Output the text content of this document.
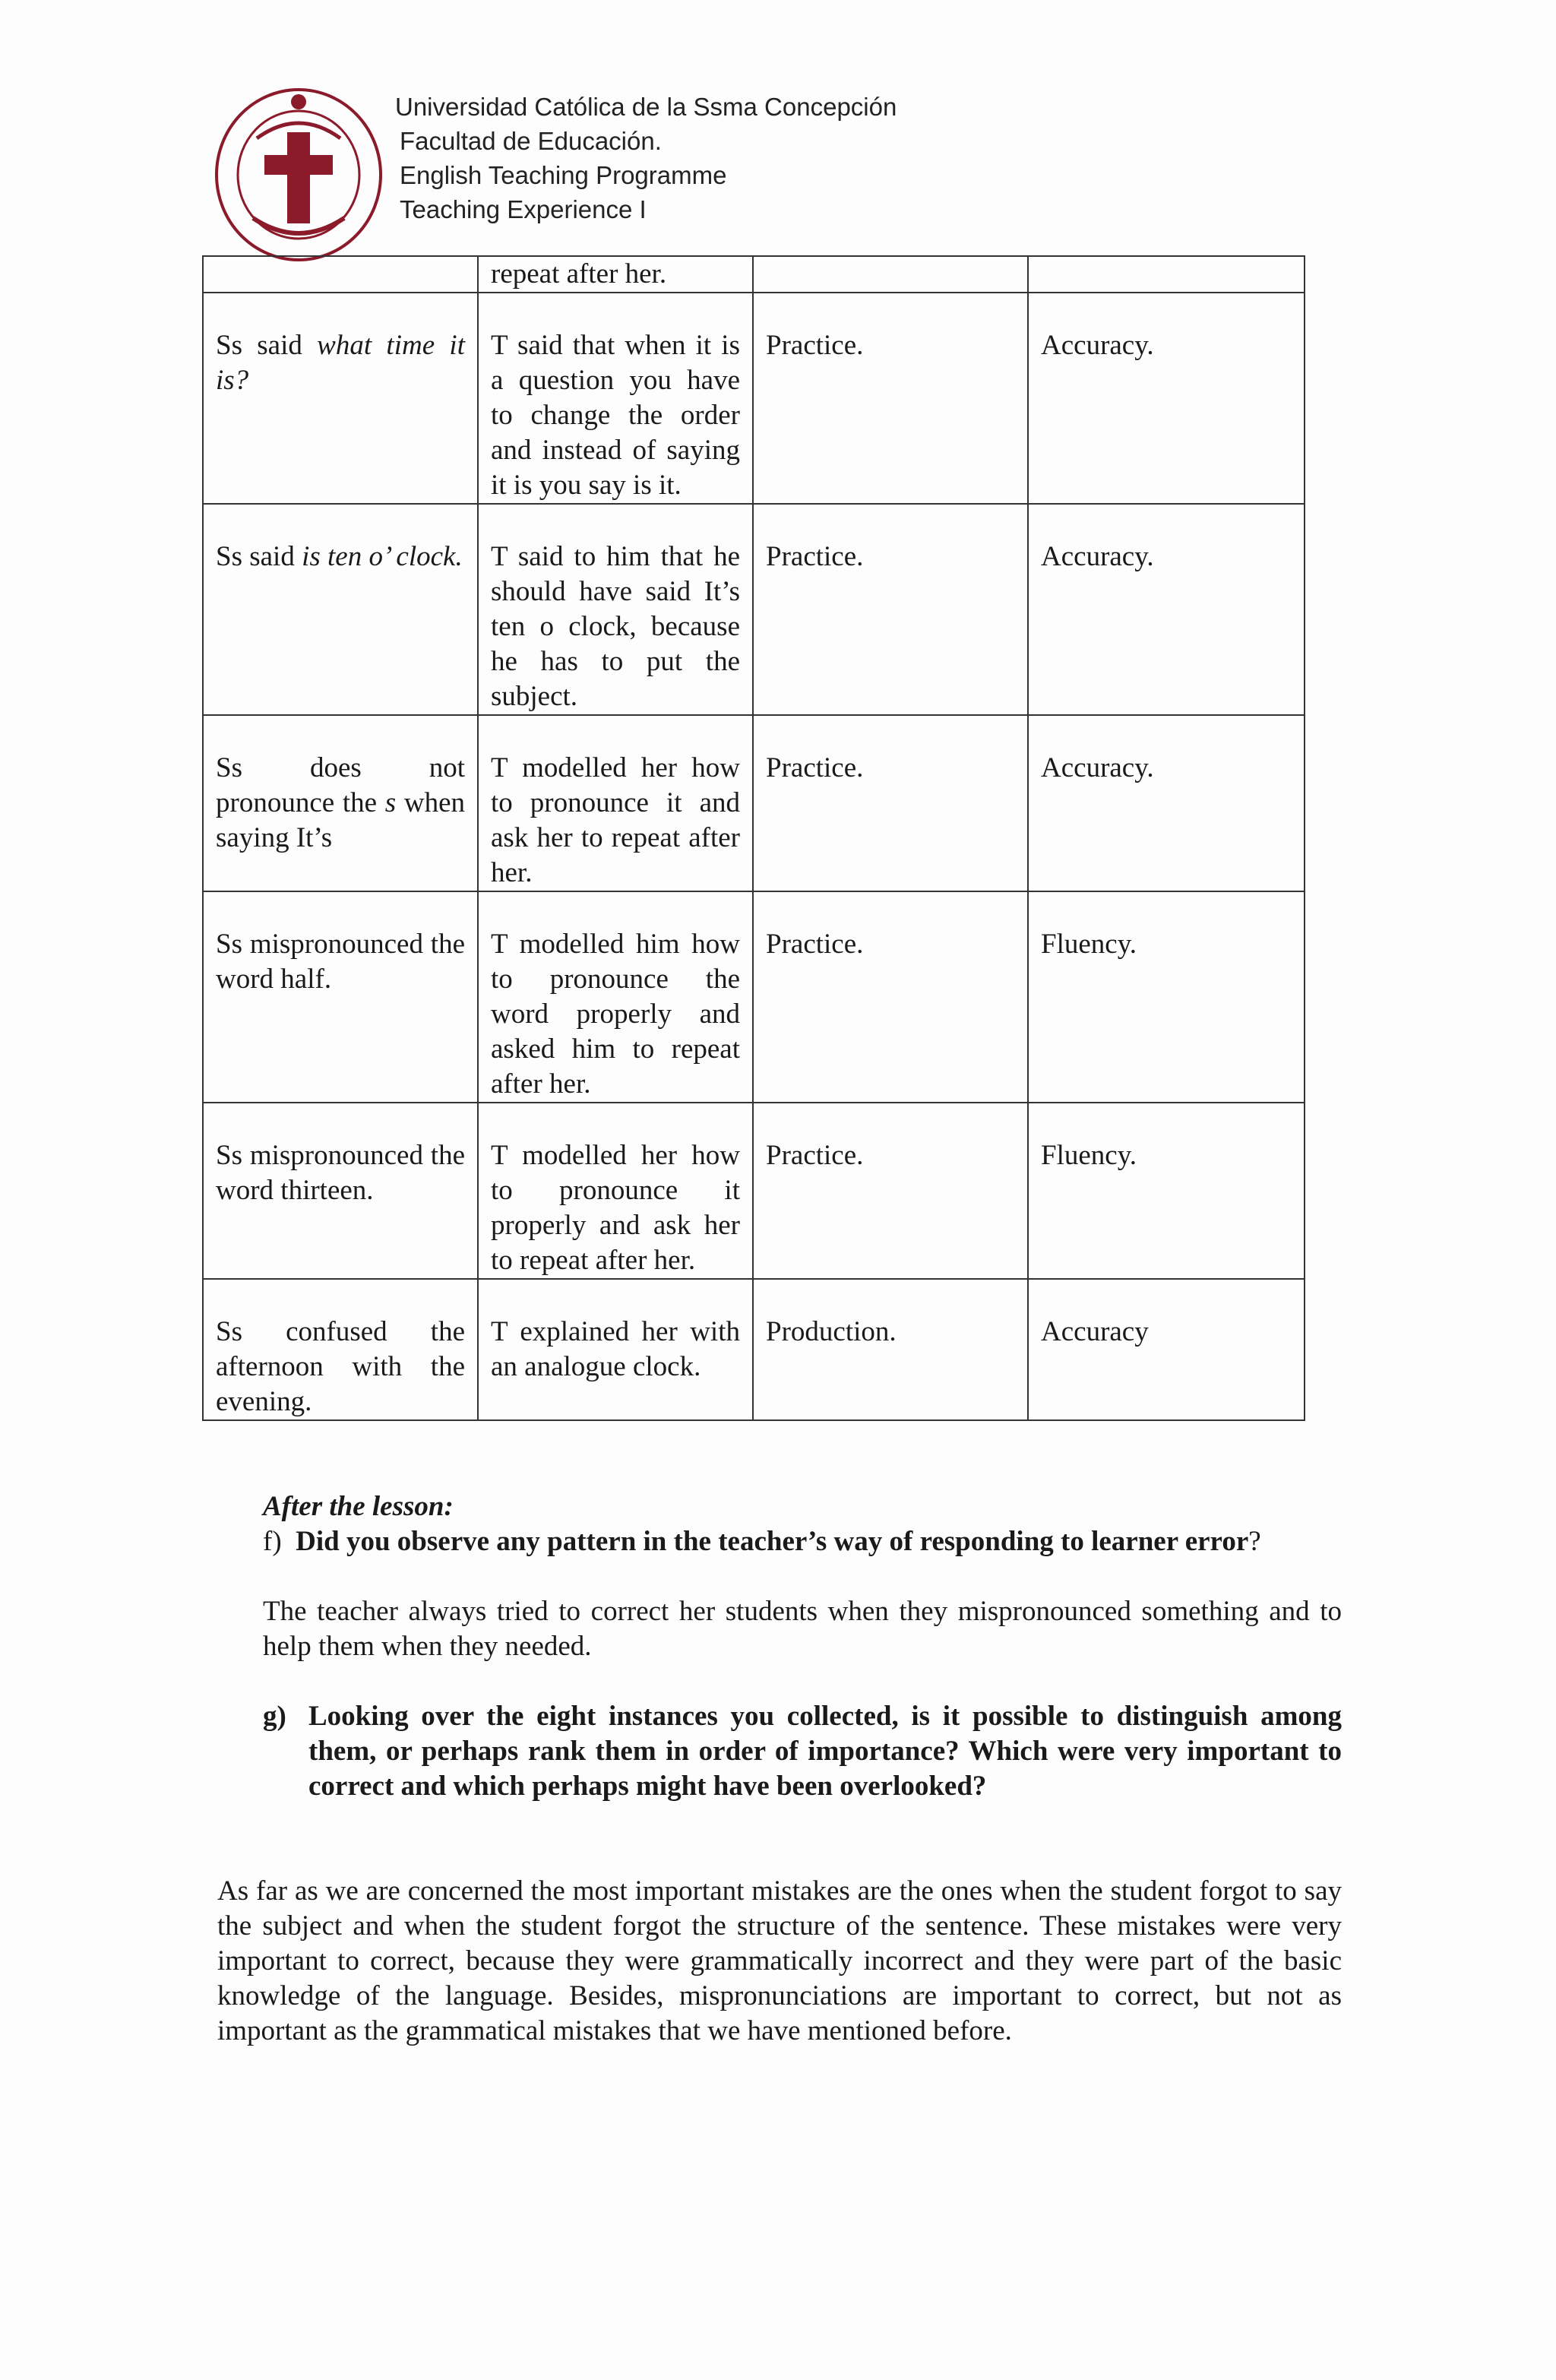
Universidad Católica de la Ssma Concepción
Facultad de Educación.
English Teaching Programme
Teaching Experience I

	repeat after her.		

Ss said what time it is?	T said that when it is a question you have to change the order and instead of saying it is you say is it.	Practice.	Accuracy.

Ss said is ten o’ clock.	T said to him that he should have said It’s ten o clock, because he has to put the subject.	Practice.	Accuracy.

Ss does not pronounce the s when saying It’s	T modelled her how to pronounce it and ask her to repeat after her.	Practice.	Accuracy.

Ss mispronounced the word half.	T modelled him how to pronounce the word properly and asked him to repeat after her.	Practice.	Fluency.

Ss mispronounced the word thirteen.	T modelled her how to pronounce it properly and ask her to repeat after her.	Practice.	Fluency.

Ss confused the afternoon with the evening.	T explained her with an analogue clock.	Production.	Accuracy
After the lesson:
f) Did you observe any pattern in the teacher’s way of responding to learner error?
The teacher always tried to correct her students when they mispronounced something and to help them when they needed.
g) Looking over the eight instances you collected, is it possible to distinguish among them, or perhaps rank them in order of importance? Which were very important to correct and which perhaps might have been overlooked?
As far as we are concerned the most important mistakes are the ones when the student forgot to say the subject and when the student forgot the structure of the sentence. These mistakes were very important to correct, because they were grammatically incorrect and they were part of the basic knowledge of the language. Besides, mispronunciations are important to correct, but not as important as the grammatical mistakes that we have mentioned before.
